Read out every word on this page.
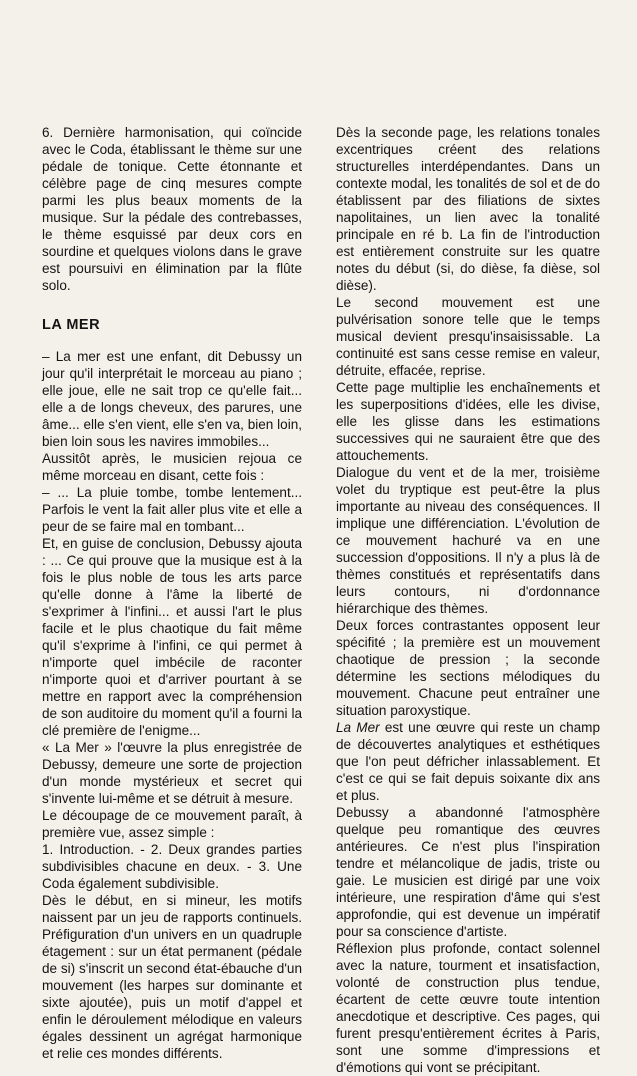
6. Dernière harmonisation, qui coïncide avec le Coda, établissant le thème sur une pédale de tonique. Cette étonnante et célèbre page de cinq mesures compte parmi les plus beaux moments de la musique. Sur la pédale des contrebasses, le thème esquissé par deux cors en sourdine et quelques violons dans le grave est poursuivi en élimination par la flûte solo.

LA MER

– La mer est une enfant, dit Debussy un jour qu'il interprétait le morceau au piano ; elle joue, elle ne sait trop ce qu'elle fait... elle a de longs cheveux, des parures, une âme... elle s'en vient, elle s'en va, bien loin, bien loin sous les navires immobiles...

Aussitôt après, le musicien rejoua ce même morceau en disant, cette fois :

– ... La pluie tombe, tombe lentement... Parfois le vent la fait aller plus vite et elle a peur de se faire mal en tombant...

Et, en guise de conclusion, Debussy ajouta : ... Ce qui prouve que la musique est à la fois le plus noble de tous les arts parce qu'elle donne à l'âme la liberté de s'exprimer à l'infini... et aussi l'art le plus facile et le plus chaotique du fait même qu'il s'exprime à l'infini, ce qui permet à n'importe quel imbécile de raconter n'importe quoi et d'arriver pourtant à se mettre en rapport avec la compréhension de son auditoire du moment qu'il a fourni la clé première de l'enigme...

« La Mer » l'œuvre la plus enregistrée de Debussy, demeure une sorte de projection d'un monde mystérieux et secret qui s'invente lui-même et se détruit à mesure.

Le découpage de ce mouvement paraît, à première vue, assez simple :

1. Introduction. - 2. Deux grandes parties subdivisibles chacune en deux. - 3. Une Coda également subdivisible.

Dès le début, en si mineur, les motifs naissent par un jeu de rapports continuels. Préfiguration d'un univers en un quadruple étagement : sur un état permanent (pédale de si) s'inscrit un second état-ébauche d'un mouvement (les harpes sur dominante et sixte ajoutée), puis un motif d'appel et enfin le déroulement mélodique en valeurs égales dessinent un agrégat harmonique et relie ces mondes différents.

Dès la seconde page, les relations tonales excentriques créent des relations structurelles interdépendantes. Dans un contexte modal, les tonalités de sol et de do établissent par des filiations de sixtes napolitaines, un lien avec la tonalité principale en ré b. La fin de l'introduction est entièrement construite sur les quatre notes du début (si, do dièse, fa dièse, sol dièse).

Le second mouvement est une pulvérisation sonore telle que le temps musical devient presqu'insaisissable. La continuité est sans cesse remise en valeur, détruite, effacée, reprise.

Cette page multiplie les enchaînements et les superpositions d'idées, elle les divise, elle les glisse dans les estimations successives qui ne sauraient être que des attouchements.

Dialogue du vent et de la mer, troisième volet du tryptique est peut-être la plus importante au niveau des conséquences. Il implique une différenciation. L'évolution de ce mouvement hachuré va en une succession d'oppositions. Il n'y a plus là de thèmes constitués et représentatifs dans leurs contours, ni d'ordonnance hiérarchique des thèmes.

Deux forces contrastantes opposent leur spécifité ; la première est un mouvement chaotique de pression ; la seconde détermine les sections mélodiques du mouvement. Chacune peut entraîner une situation paroxystique.

La Mer est une œuvre qui reste un champ de découvertes analytiques et esthétiques que l'on peut défricher inlassablement. Et c'est ce qui se fait depuis soixante dix ans et plus.

Debussy a abandonné l'atmosphère quelque peu romantique des œuvres antérieures. Ce n'est plus l'inspiration tendre et mélancolique de jadis, triste ou gaie. Le musicien est dirigé par une voix intérieure, une respiration d'âme qui s'est approfondie, qui est devenue un impératif pour sa conscience d'artiste.

Réflexion plus profonde, contact solennel avec la nature, tourment et insatisfaction, volonté de construction plus tendue, écartent de cette œuvre toute intention anecdotique et descriptive. Ces pages, qui furent presqu'entièrement écrites à Paris, sont une somme d'impressions et d'émotions qui vont se précipitant.
